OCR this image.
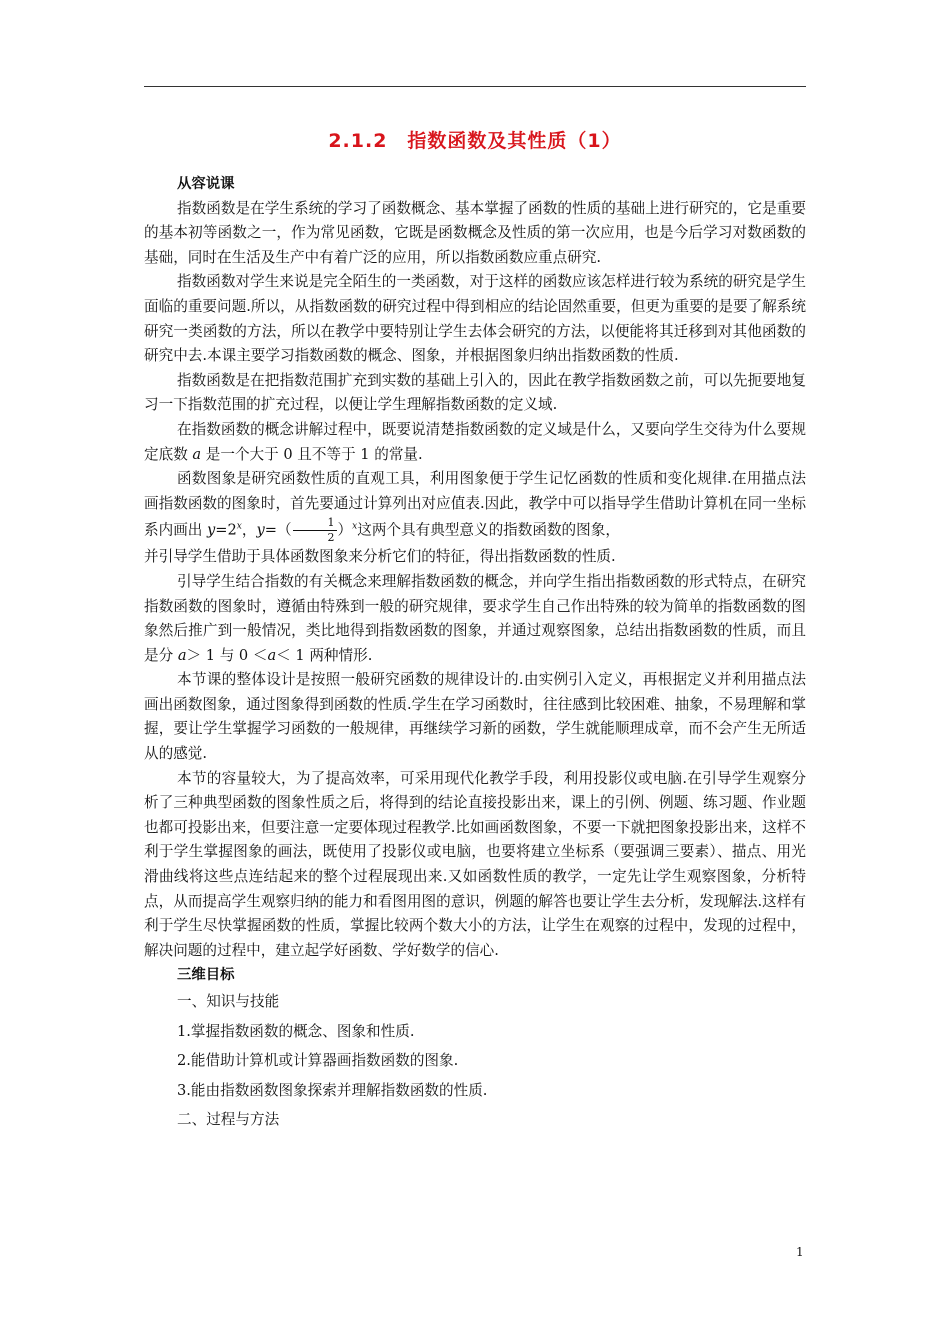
2.1.2　指数函数及其性质（1）
从容说课

指数函数是在学生系统的学习了函数概念、基本掌握了函数的性质的基础上进行研究的，它是重要的基本初等函数之一，作为常见函数，它既是函数概念及性质的第一次应用，也是今后学习对数函数的基础，同时在生活及生产中有着广泛的应用，所以指数函数应重点研究.

指数函数对学生来说是完全陌生的一类函数，对于这样的函数应该怎样进行较为系统的研究是学生面临的重要问题.所以，从指数函数的研究过程中得到相应的结论固然重要，但更为重要的是要了解系统研究一类函数的方法，所以在教学中要特别让学生去体会研究的方法，以便能将其迁移到对其他函数的研究中去.本课主要学习指数函数的概念、图象，并根据图象归纳出指数函数的性质.

指数函数是在把指数范围扩充到实数的基础上引入的，因此在教学指数函数之前，可以先扼要地复习一下指数范围的扩充过程，以便让学生理解指数函数的定义域.

在指数函数的概念讲解过程中，既要说清楚指数函数的定义域是什么，又要向学生交待为什么要规定底数 a 是一个大于 0 且不等于 1 的常量.

函数图象是研究函数性质的直观工具，利用图象便于学生记忆函数的性质和变化规律.在用描点法画指数函数的图象时，首先要通过计算列出对应值表.因此，教学中可以指导学生借助计算机在同一坐标系内画出 $y=2^x$，$y=( \frac{1}{2} )^x$这两个具有典型意义的指数函数的图象，

并引导学生借助于具体函数图象来分析它们的特征，得出指数函数的性质.

引导学生结合指数的有关概念来理解指数函数的概念，并向学生指出指数函数的形式特点，在研究指数函数的图象时，遵循由特殊到一般的研究规律，要求学生自己作出特殊的较为简单的指数函数的图象然后推广到一般情况，类比地得到指数函数的图象，并通过观察图象，总结出指数函数的性质，而且是分 a＞ 1 与 0 ＜a＜ 1 两种情形.

本节课的整体设计是按照一般研究函数的规律设计的.由实例引入定义，再根据定义并利用描点法画出函数图象，通过图象得到函数的性质.学生在学习函数时，往往感到比较困难、抽象，不易理解和掌握，要让学生掌握学习函数的一般规律，再继续学习新的函数，学生就能顺理成章，而不会产生无所适从的感觉.

本节的容量较大，为了提高效率，可采用现代化教学手段，利用投影仪或电脑.在引导学生观察分析了三种典型函数的图象性质之后，将得到的结论直接投影出来，课上的引例、例题、练习题、作业题也都可投影出来，但要注意一定要体现过程教学.比如画函数图象，不要一下就把图象投影出来，这样不利于学生掌握图象的画法，既使用了投影仪或电脑，也要将建立坐标系（要强调三要素）、描点、用光滑曲线将这些点连结起来的整个过程展现出来.又如函数性质的教学，一定先让学生观察图象，分析特点，从而提高学生观察归纳的能力和看图用图的意识，例题的解答也要让学生去分析，发现解法.这样有利于学生尽快掌握函数的性质，掌握比较两个数大小的方法，让学生在观察的过程中，发现的过程中，解决问题的过程中，建立起学好函数、学好数学的信心.

三维目标
一、知识与技能
1.掌握指数函数的概念、图象和性质.
2.能借助计算机或计算器画指数函数的图象.
3.能由指数函数图象探索并理解指数函数的性质.
二、过程与方法
1
